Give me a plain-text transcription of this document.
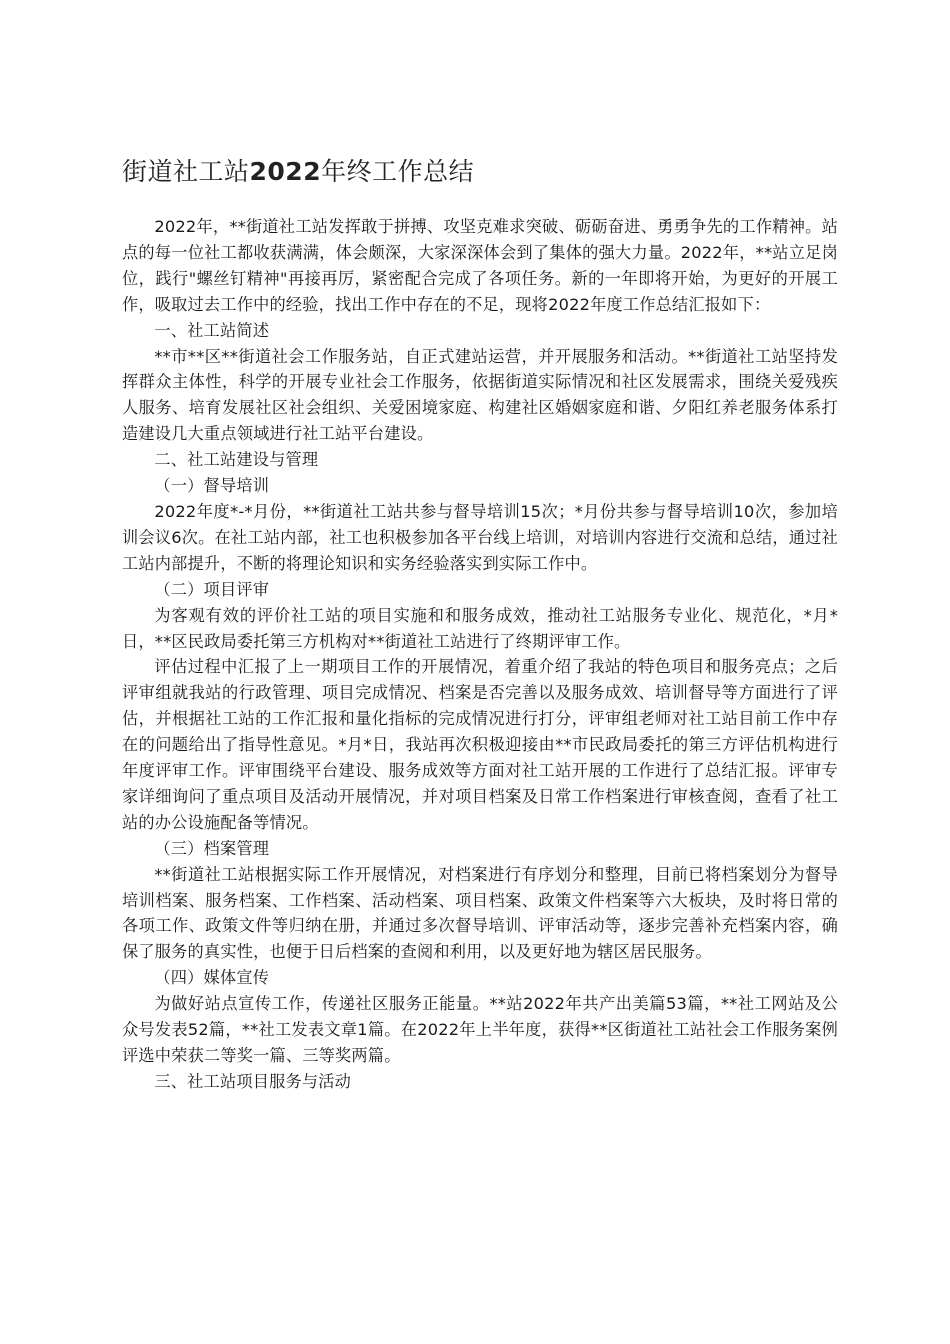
街道社工站2022年终工作总结

2022年，**街道社工站发挥敢于拼搏、攻坚克难求突破、砺砺奋进、勇勇争先的工作精神。站点的每一位社工都收获满满，体会颇深，大家深深体会到了集体的强大力量。2022年，**站立足岗位，践行"螺丝钉精神"再接再厉，紧密配合完成了各项任务。新的一年即将开始，为更好的开展工作，吸取过去工作中的经验，找出工作中存在的不足，现将2022年度工作总结汇报如下：

一、社工站简述

**市**区**街道社会工作服务站，自正式建站运营，并开展服务和活动。**街道社工站坚持发挥群众主体性，科学的开展专业社会工作服务，依据街道实际情况和社区发展需求，围绕关爱残疾人服务、培育发展社区社会组织、关爱困境家庭、构建社区婚姻家庭和谐、夕阳红养老服务体系打造建设几大重点领域进行社工站平台建设。

二、社工站建设与管理

（一）督导培训

2022年度*-*月份，**街道社工站共参与督导培训15次；*月份共参与督导培训10次，参加培训会议6次。在社工站内部，社工也积极参加各平台线上培训，对培训内容进行交流和总结，通过社工站内部提升，不断的将理论知识和实务经验落实到实际工作中。

（二）项目评审

为客观有效的评价社工站的项目实施和和服务成效，推动社工站服务专业化、规范化，*月*日，**区民政局委托第三方机构对**街道社工站进行了终期评审工作。

评估过程中汇报了上一期项目工作的开展情况，着重介绍了我站的特色项目和服务亮点；之后评审组就我站的行政管理、项目完成情况、档案是否完善以及服务成效、培训督导等方面进行了评估，并根据社工站的工作汇报和量化指标的完成情况进行打分，评审组老师对社工站目前工作中存在的问题给出了指导性意见。*月*日，我站再次积极迎接由**市民政局委托的第三方评估机构进行年度评审工作。评审围绕平台建设、服务成效等方面对社工站开展的工作进行了总结汇报。评审专家详细询问了重点项目及活动开展情况，并对项目档案及日常工作档案进行审核查阅，查看了社工站的办公设施配备等情况。

（三）档案管理

**街道社工站根据实际工作开展情况，对档案进行有序划分和整理，目前已将档案划分为督导培训档案、服务档案、工作档案、活动档案、项目档案、政策文件档案等六大板块，及时将日常的各项工作、政策文件等归纳在册，并通过多次督导培训、评审活动等，逐步完善补充档案内容，确保了服务的真实性，也便于日后档案的查阅和利用，以及更好地为辖区居民服务。

（四）媒体宣传

为做好站点宣传工作，传递社区服务正能量。**站2022年共产出美篇53篇，**社工网站及公众号发表52篇，**社工发表文章1篇。在2022年上半年度，获得**区街道社工站社会工作服务案例评选中荣获二等奖一篇、三等奖两篇。

三、社工站项目服务与活动
